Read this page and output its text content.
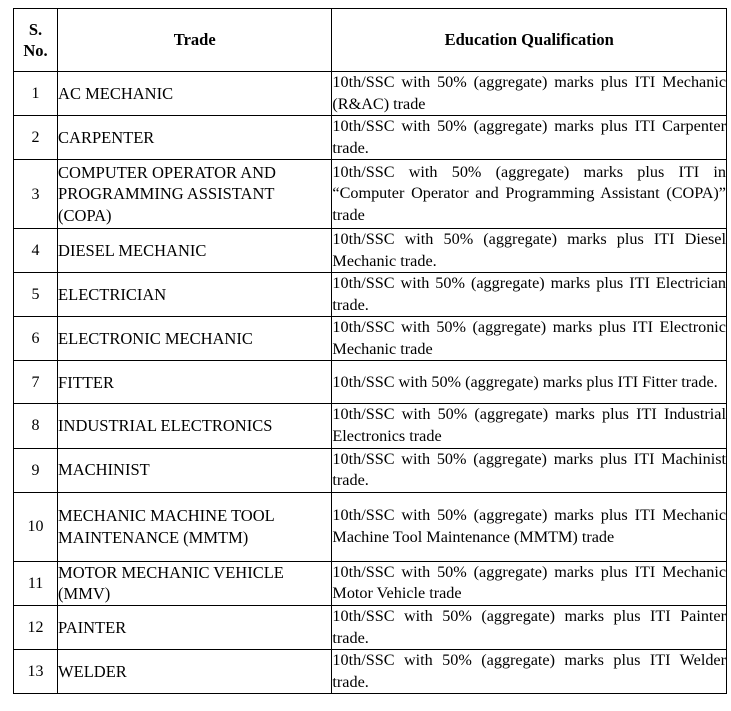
S.
No.	Trade	Education Qualification
1	AC MECHANIC	10th/SSC with 50% (aggregate) marks plus ITI Mechanic (R&AC) trade

2	CARPENTER	10th/SSC with 50% (aggregate) marks plus ITI Carpenter trade.

3	COMPUTER OPERATOR AND PROGRAMMING ASSISTANT (COPA)	10th/SSC with 50% (aggregate) marks plus ITI in “Computer Operator and Programming Assistant (COPA)” trade

4	DIESEL MECHANIC	10th/SSC with 50% (aggregate) marks plus ITI Diesel Mechanic trade.

5	ELECTRICIAN	10th/SSC with 50% (aggregate) marks plus ITI Electrician trade.

6	ELECTRONIC MECHANIC	10th/SSC with 50% (aggregate) marks plus ITI Electronic Mechanic trade

7	FITTER	10th/SSC with 50% (aggregate) marks plus ITI Fitter trade.

8	INDUSTRIAL ELECTRONICS	10th/SSC with 50% (aggregate) marks plus ITI Industrial Electronics trade

9	MACHINIST	10th/SSC with 50% (aggregate) marks plus ITI Machinist trade.

10	MECHANIC MACHINE TOOL MAINTENANCE (MMTM)	10th/SSC with 50% (aggregate) marks plus ITI Mechanic Machine Tool Maintenance (MMTM) trade

11	MOTOR MECHANIC VEHICLE (MMV)	10th/SSC with 50% (aggregate) marks plus ITI Mechanic Motor Vehicle trade

12	PAINTER	10th/SSC with 50% (aggregate) marks plus ITI Painter trade.

13	WELDER	10th/SSC with 50% (aggregate) marks plus ITI Welder trade.
